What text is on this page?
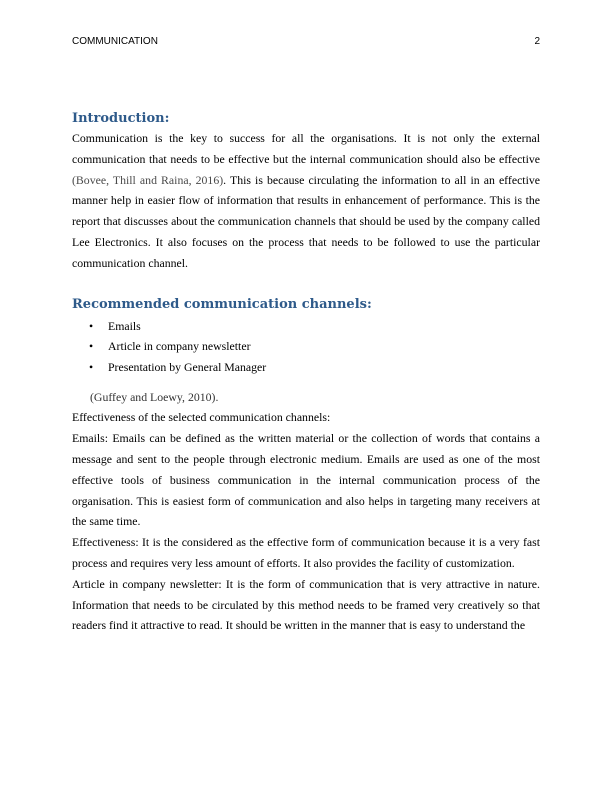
COMMUNICATION	2
Introduction:

Communication is the key to success for all the organisations. It is not only the external communication that needs to be effective but the internal communication should also be effective (Bovee, Thill and Raina, 2016). This is because circulating the information to all in an effective manner help in easier flow of information that results in enhancement of performance. This is the report that discusses about the communication channels that should be used by the company called Lee Electronics. It also focuses on the process that needs to be followed to use the particular communication channel.

Recommended communication channels:
• Emails
• Article in company newsletter
• Presentation by General Manager

(Guffey and Loewy, 2010).

Effectiveness of the selected communication channels:

Emails: Emails can be defined as the written material or the collection of words that contains a message and sent to the people through electronic medium. Emails are used as one of the most effective tools of business communication in the internal communication process of the organisation. This is easiest form of communication and also helps in targeting many receivers at the same time.

Effectiveness: It is the considered as the effective form of communication because it is a very fast process and requires very less amount of efforts. It also provides the facility of customization.

Article in company newsletter: It is the form of communication that is very attractive in nature. Information that needs to be circulated by this method needs to be framed very creatively so that readers find it attractive to read. It should be written in the manner that is easy to understand the
